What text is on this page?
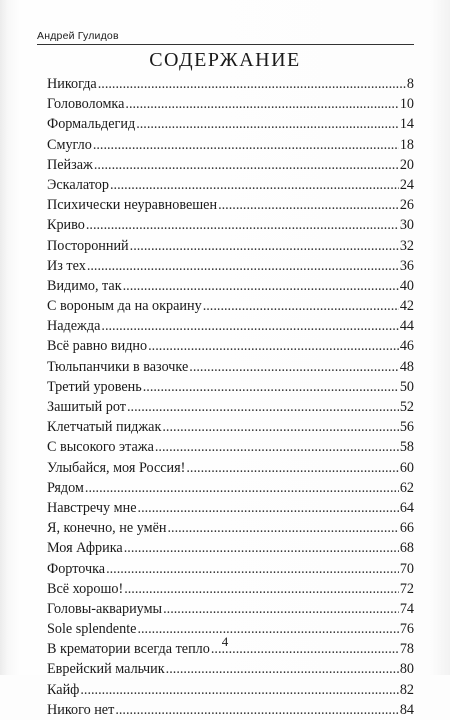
Андрей Гулидов
СОДЕРЖАНИЕ
Никогда .....	8
Головоломка .....	10
Формальдегид .....	14
Смугло .....	18
Пейзаж .....	20
Эскалатор .....	24
Психически неуравновешен .....	26
Криво .....	30
Посторонний .....	32
Из тех .....	36
Видимо, так .....	40
С вороным да на окраину .....	42
Надежда .....	44
Всё равно видно .....	46
Тюльпанчики в вазочке .....	48
Третий уровень .....	50
Зашитый рот .....	52
Клетчатый пиджак .....	56
С высокого этажа .....	58
Улыбайся, моя Россия! .....	60
Рядом .....	62
Навстречу мне .....	64
Я, конечно, не умён .....	66
Моя Африка .....	68
Форточка .....	70
Всё хорошо! .....	72
Головы-аквариумы .....	74
Sole splendente .....	76
В крематории всегда тепло .....	78
Еврейский мальчик .....	80
Кайф .....	82
Никого нет .....	84
4
